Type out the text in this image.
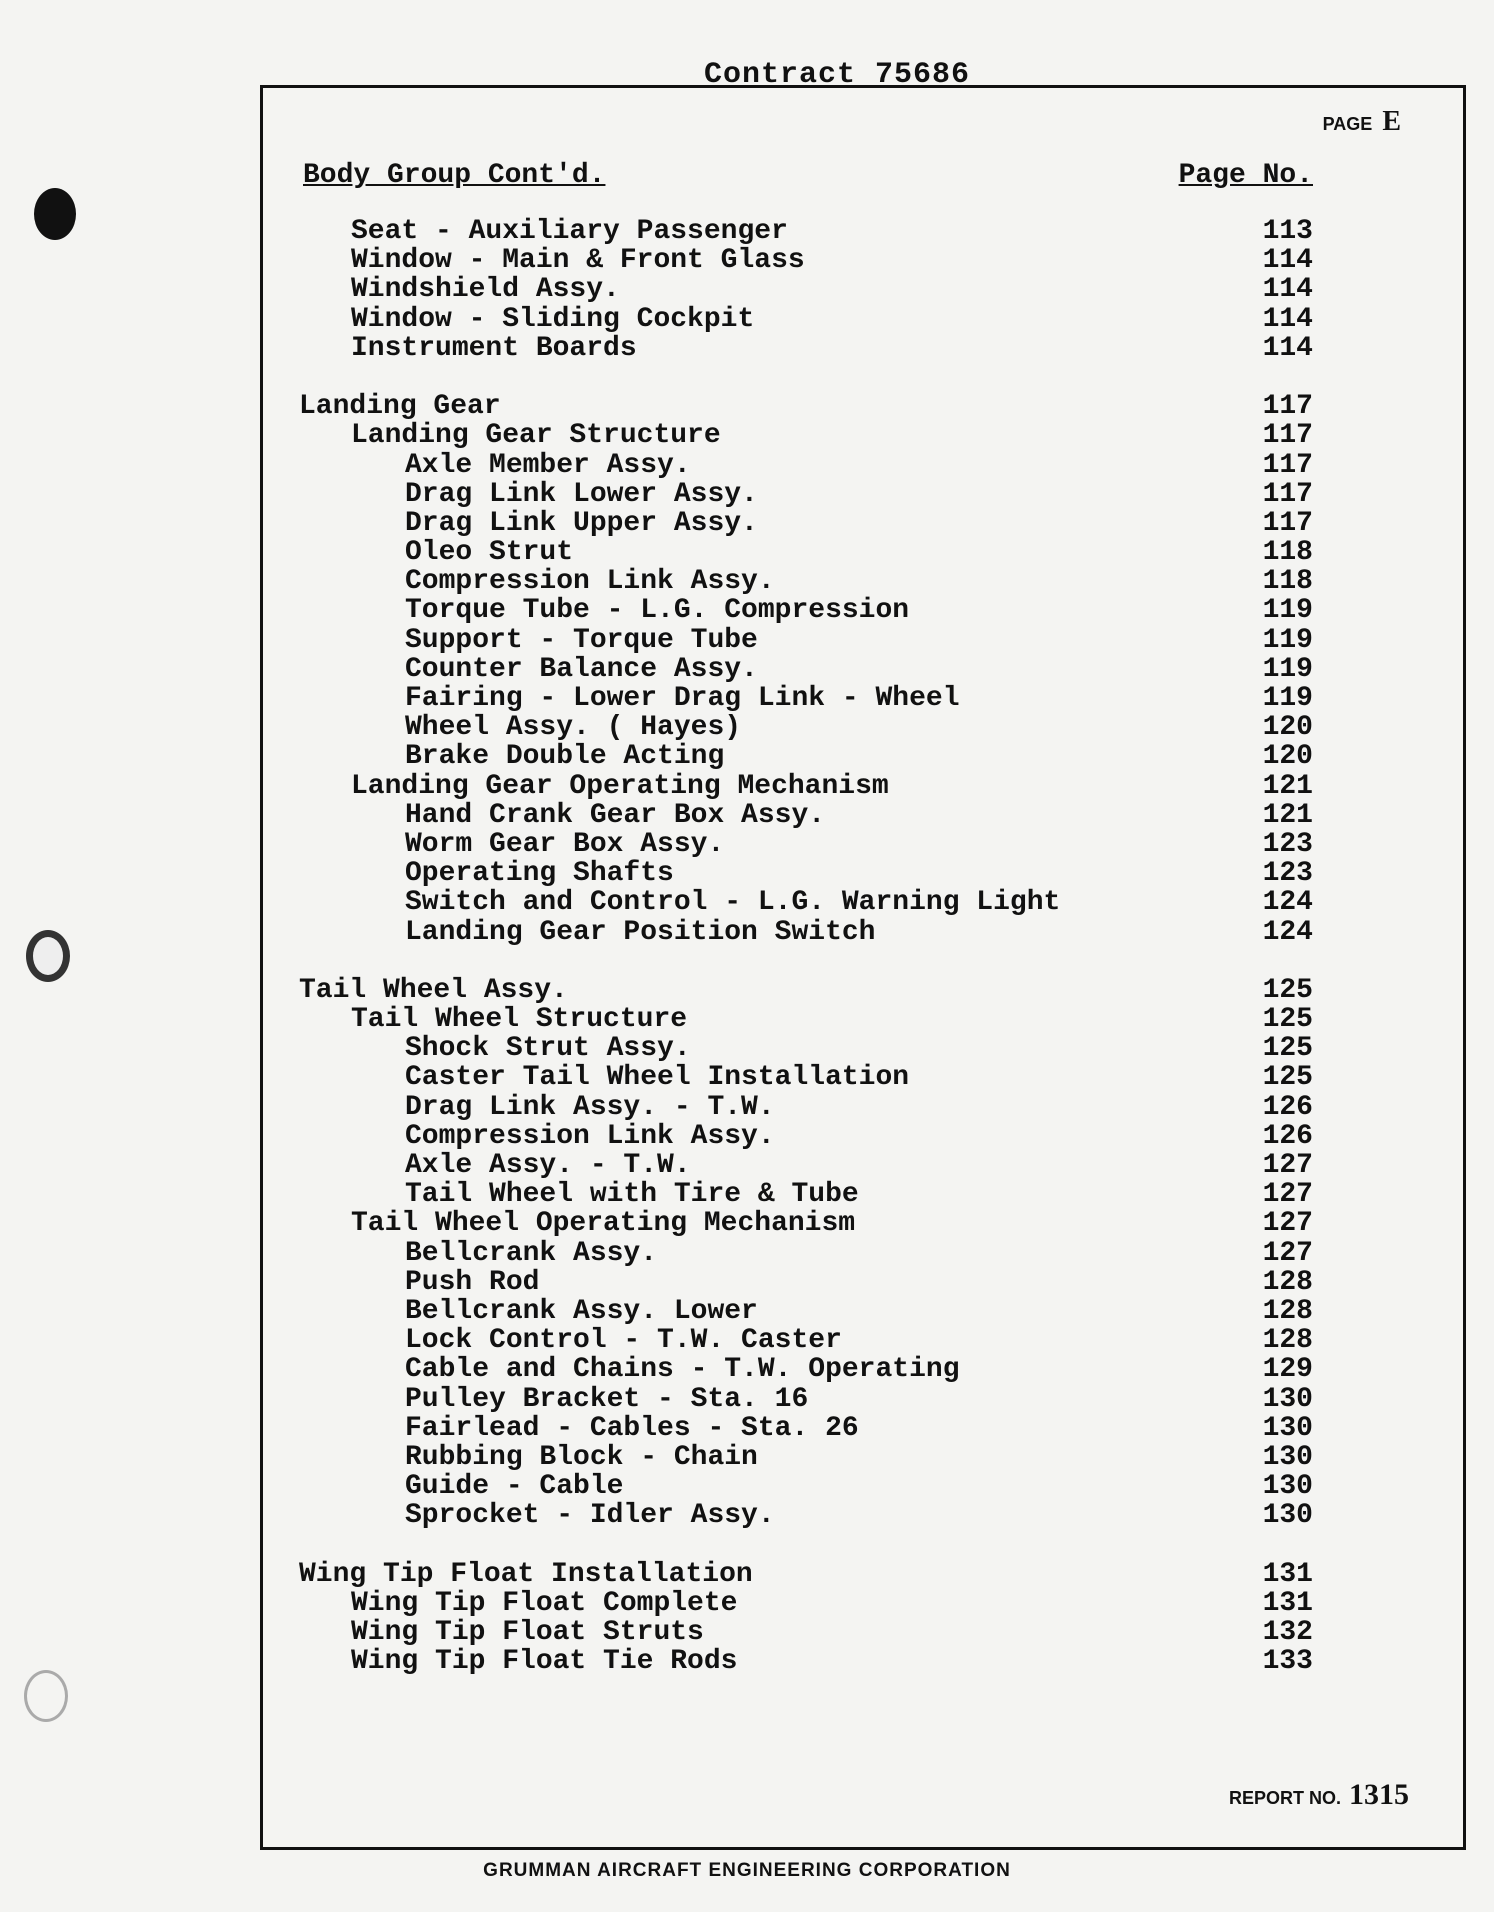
Contract 75686
PAGE E
Body Group Cont'd.	Page No.
Seat - Auxiliary Passenger	113
Window - Main & Front Glass	114
Windshield Assy.	114
Window - Sliding Cockpit	114
Instrument Boards	114
Landing Gear	117
Landing Gear Structure	117
Axle Member Assy.	117
Drag Link Lower Assy.	117
Drag Link Upper Assy.	117
Oleo Strut	118
Compression Link Assy.	118
Torque Tube - L.G. Compression	119
Support - Torque Tube	119
Counter Balance Assy.	119
Fairing - Lower Drag Link - Wheel	119
Wheel Assy. ( Hayes)	120
Brake Double Acting	120
Landing Gear Operating Mechanism	121
Hand Crank Gear Box Assy.	121
Worm Gear Box Assy.	123
Operating Shafts	123
Switch and Control - L.G. Warning Light	124
Landing Gear Position Switch	124
Tail Wheel Assy.	125
Tail Wheel Structure	125
Shock Strut Assy.	125
Caster Tail Wheel Installation	125
Drag Link Assy. - T.W.	126
Compression Link Assy.	126
Axle Assy. - T.W.	127
Tail Wheel with Tire & Tube	127
Tail Wheel Operating Mechanism	127
Bellcrank Assy.	127
Push Rod	128
Bellcrank Assy. Lower	128
Lock Control - T.W. Caster	128
Cable and Chains - T.W. Operating	129
Pulley Bracket - Sta. 16	130
Fairlead - Cables - Sta. 26	130
Rubbing Block - Chain	130
Guide - Cable	130
Sprocket - Idler Assy.	130
Wing Tip Float Installation	131
Wing Tip Float Complete	131
Wing Tip Float Struts	132
Wing Tip Float Tie Rods	133
REPORT NO. 1315
GRUMMAN AIRCRAFT ENGINEERING CORPORATION
